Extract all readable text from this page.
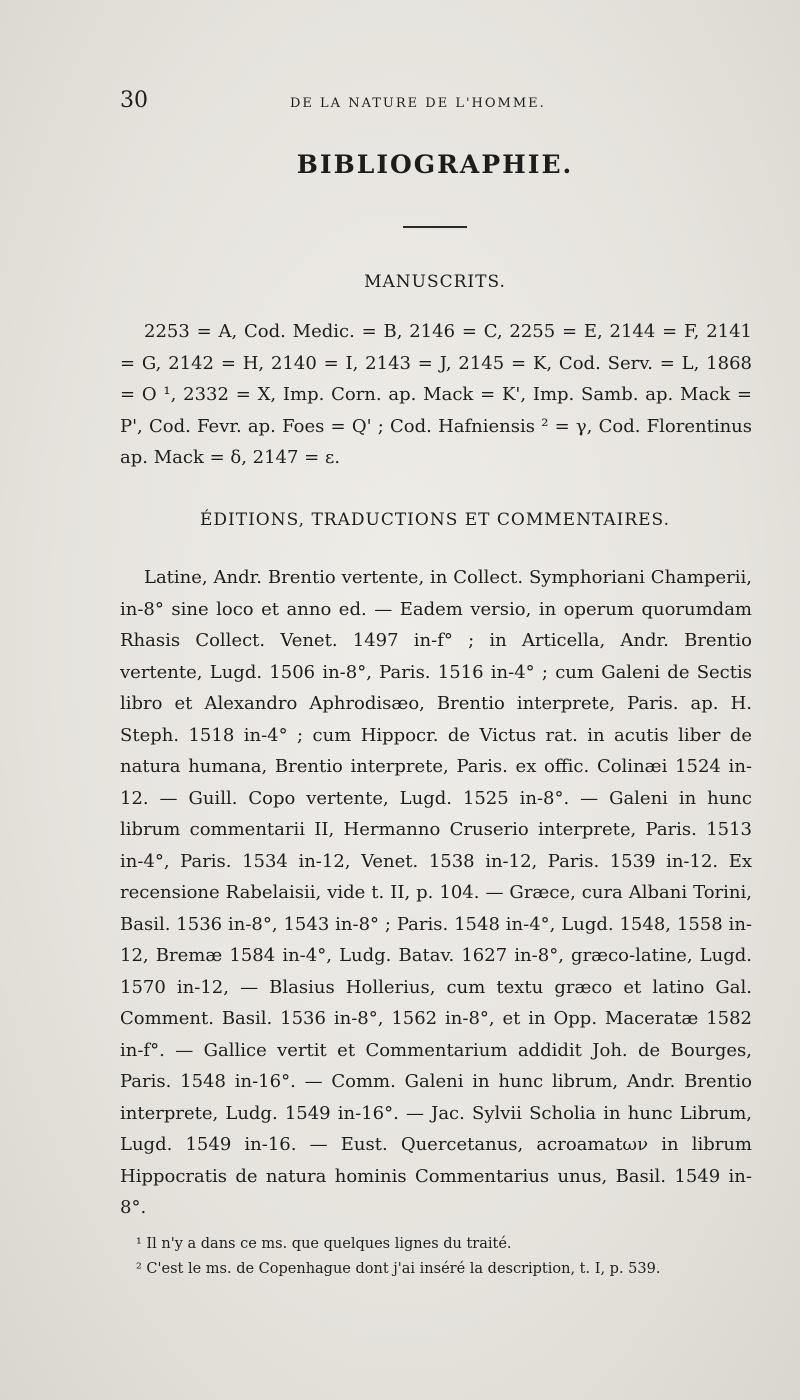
30	DE LA NATURE DE L'HOMME.
BIBLIOGRAPHIE.
MANUSCRITS.

2253 = A, Cod. Medic. = B, 2146 = C, 2255 = E, 2144 = F, 2141 = G, 2142 = H, 2140 = I, 2143 = J, 2145 = K, Cod. Serv. = L, 1868 = O ¹, 2332 = X, Imp. Corn. ap. Mack = K', Imp. Samb. ap. Mack = P', Cod. Fevr. ap. Foes = Q' ; Cod. Hafniensis ² = γ, Cod. Florentinus ap. Mack = δ, 2147 = ε.

ÉDITIONS, TRADUCTIONS ET COMMENTAIRES.

Latine, Andr. Brentio vertente, in Collect. Symphoriani Champerii, in-8° sine loco et anno ed. — Eadem versio, in operum quorumdam Rhasis Collect. Venet. 1497 in-f° ; in Articella, Andr. Brentio vertente, Lugd. 1506 in-8°, Paris. 1516 in-4° ; cum Galeni de Sectis libro et Alexandro Aphrodisæo, Brentio interprete, Paris. ap. H. Steph. 1518 in-4° ; cum Hippocr. de Victus rat. in acutis liber de natura humana, Brentio interprete, Paris. ex offic. Colinæi 1524 in-12. — Guill. Copo vertente, Lugd. 1525 in-8°. — Galeni in hunc librum commentarii II, Hermanno Cruserio interprete, Paris. 1513 in-4°, Paris. 1534 in-12, Venet. 1538 in-12, Paris. 1539 in-12. Ex recensione Rabelaisii, vide t. II, p. 104. — Græce, cura Albani Torini, Basil. 1536 in-8°, 1543 in-8° ; Paris. 1548 in-4°, Lugd. 1548, 1558 in-12, Bremæ 1584 in-4°, Ludg. Batav. 1627 in-8°, græco-latine, Lugd. 1570 in-12, — Blasius Hollerius, cum textu græco et latino Gal. Comment. Basil. 1536 in-8°, 1562 in-8°, et in Opp. Maceratæ 1582 in-f°. — Gallice vertit et Commentarium addidit Joh. de Bourges, Paris. 1548 in-16°. — Comm. Galeni in hunc librum, Andr. Brentio interprete, Ludg. 1549 in-16°. — Jac. Sylvii Scholia in hunc Librum, Lugd. 1549 in-16. — Eust. Quercetanus, acroamatων in librum Hippocratis de natura hominis Commentarius unus, Basil. 1549 in-8°.

¹ Il n'y a dans ce ms. que quelques lignes du traité.

² C'est le ms. de Copenhague dont j'ai inséré la description, t. I, p. 539.
